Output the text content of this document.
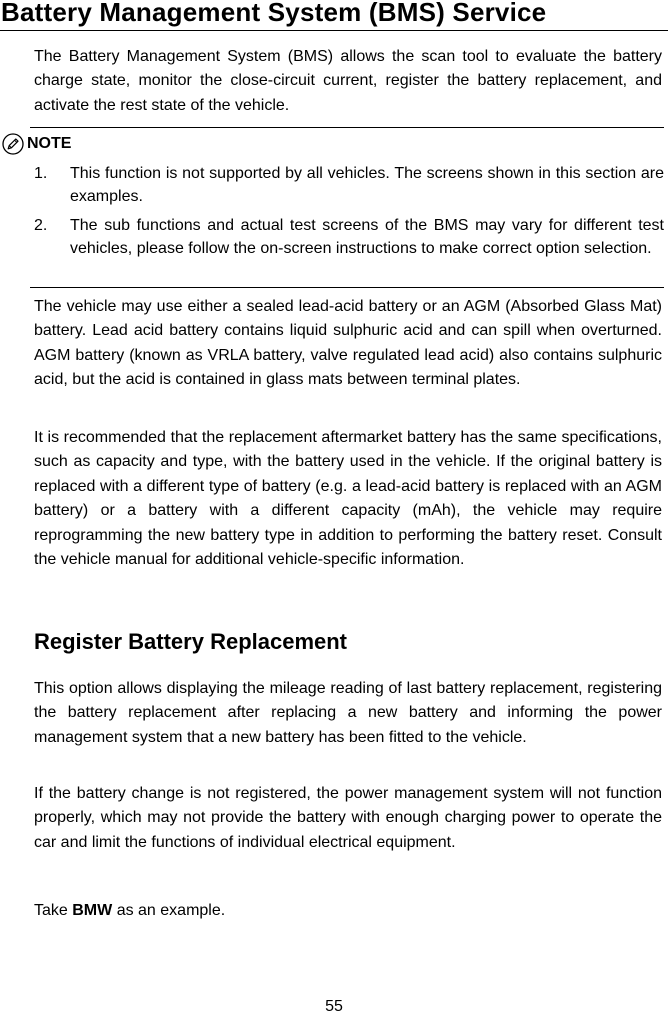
Battery Management System (BMS) Service

The Battery Management System (BMS) allows the scan tool to evaluate the battery charge state, monitor the close-circuit current, register the battery replacement, and activate the rest state of the vehicle.

NOTE
1. This function is not supported by all vehicles. The screens shown in this section are examples.
2. The sub functions and actual test screens of the BMS may vary for different test vehicles, please follow the on-screen instructions to make correct option selection.

The vehicle may use either a sealed lead-acid battery or an AGM (Absorbed Glass Mat) battery. Lead acid battery contains liquid sulphuric acid and can spill when overturned. AGM battery (known as VRLA battery, valve regulated lead acid) also contains sulphuric acid, but the acid is contained in glass mats between terminal plates.

It is recommended that the replacement aftermarket battery has the same specifications, such as capacity and type, with the battery used in the vehicle. If the original battery is replaced with a different type of battery (e.g. a lead-acid battery is replaced with an AGM battery) or a battery with a different capacity (mAh), the vehicle may require reprogramming the new battery type in addition to performing the battery reset. Consult the vehicle manual for additional vehicle-specific information.

Register Battery Replacement

This option allows displaying the mileage reading of last battery replacement, registering the battery replacement after replacing a new battery and informing the power management system that a new battery has been fitted to the vehicle.

If the battery change is not registered, the power management system will not function properly, which may not provide the battery with enough charging power to operate the car and limit the functions of individual electrical equipment.

Take BMW as an example.

55
